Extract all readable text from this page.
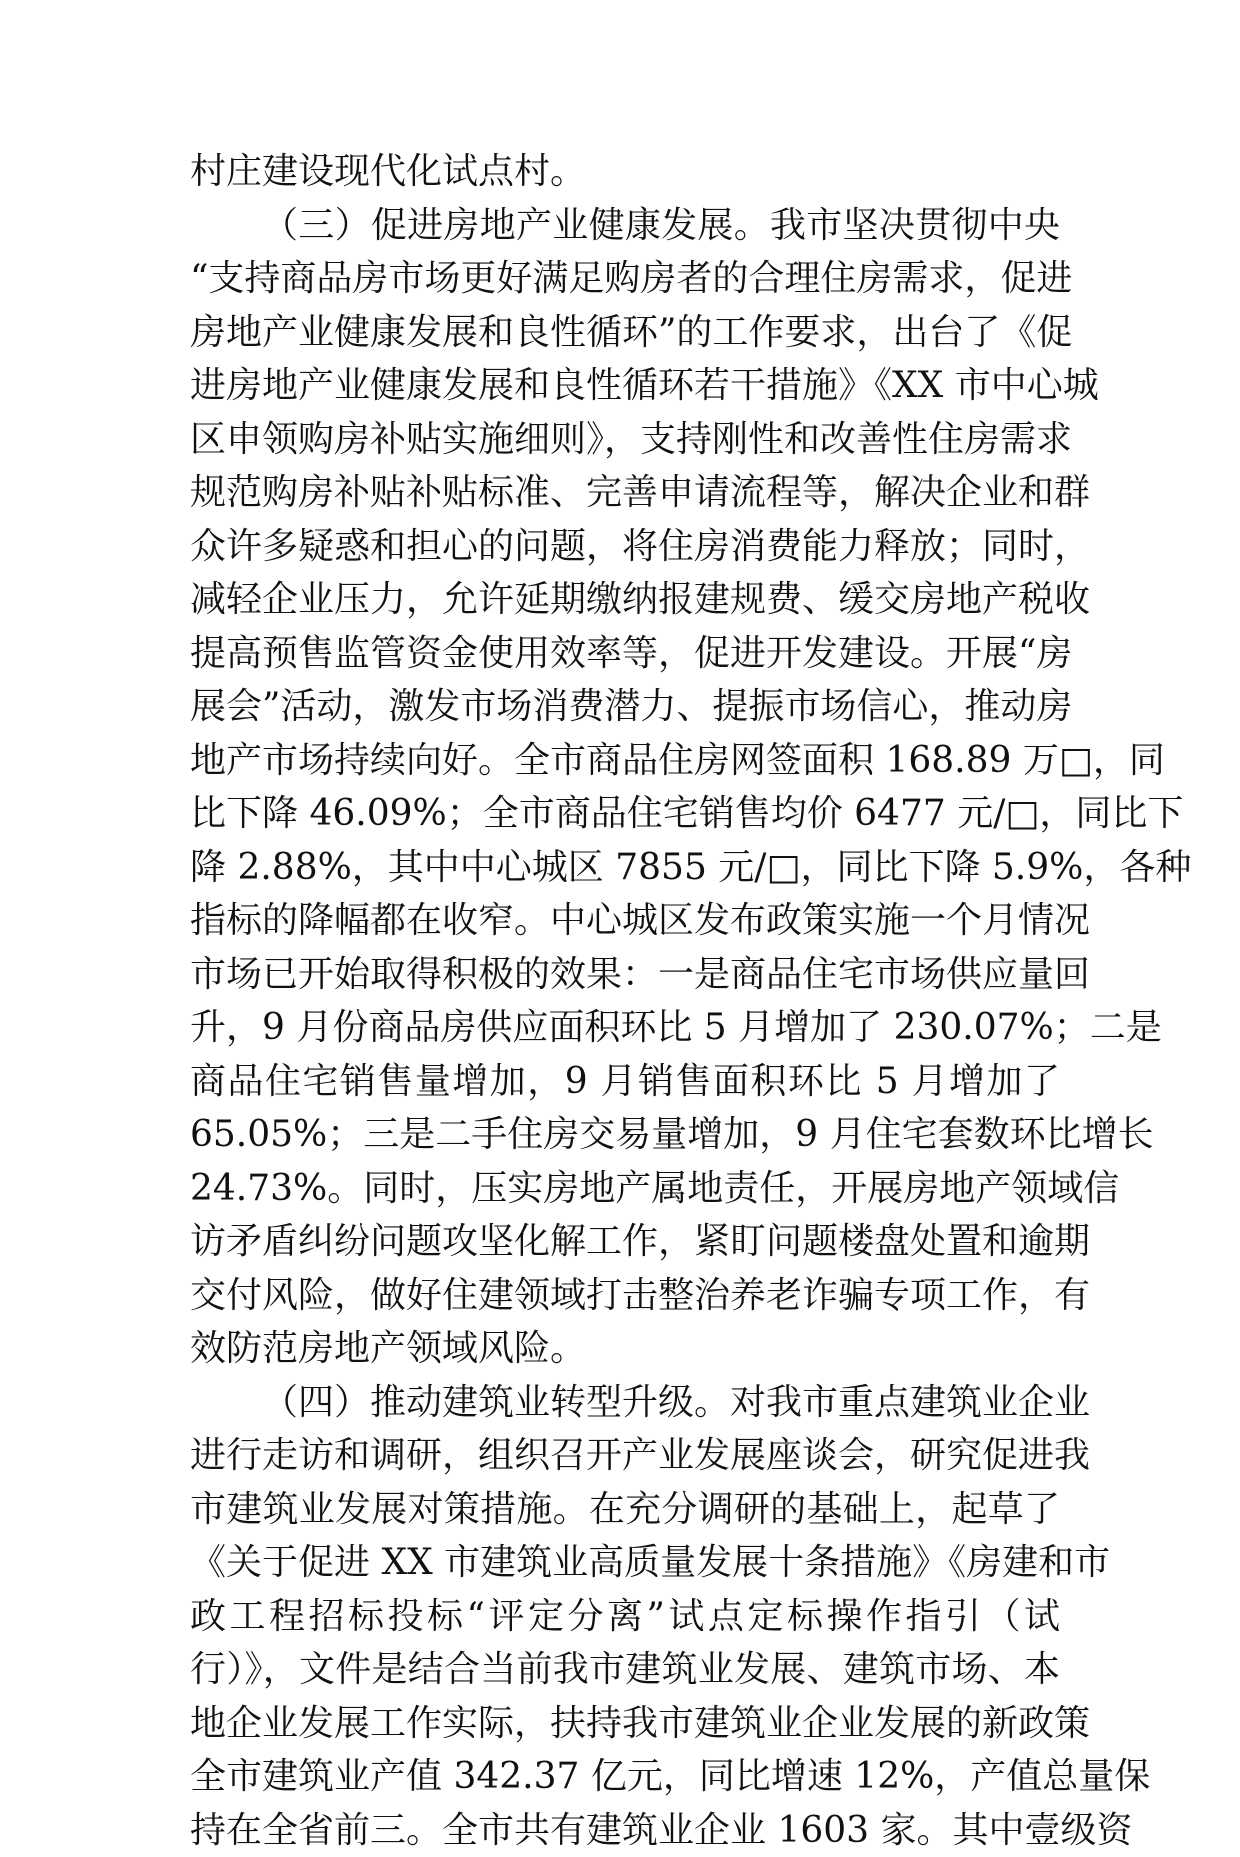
村庄建设现代化试点村。
（三）促进房地产业健康发展。我市坚决贯彻中央
“支持商品房市场更好满足购房者的合理住房需求，促进
房地产业健康发展和良性循环”的工作要求，出台了《促
进房地产业健康发展和良性循环若干措施》《XX 市中心城
区申领购房补贴实施细则》，支持刚性和改善性住房需求
规范购房补贴补贴标准、完善申请流程等，解决企业和群
众许多疑惑和担心的问题，将住房消费能力释放；同时，
减轻企业压力，允许延期缴纳报建规费、缓交房地产税收
提高预售监管资金使用效率等，促进开发建设。开展“房
展会”活动，激发市场消费潜力、提振市场信心，推动房
地产市场持续向好。全市商品住房网签面积 168.89 万□，同
比下降 46.09%；全市商品住宅销售均价 6477 元/□，同比下
降 2.88%，其中中心城区 7855 元/□，同比下降 5.9%，各种
指标的降幅都在收窄。中心城区发布政策实施一个月情况
市场已开始取得积极的效果：一是商品住宅市场供应量回
升，9 月份商品房供应面积环比 5 月增加了 230.07%；二是
商品住宅销售量增加，9 月销售面积环比 5 月增加了
65.05%；三是二手住房交易量增加，9 月住宅套数环比增长
24.73%。同时，压实房地产属地责任，开展房地产领域信
访矛盾纠纷问题攻坚化解工作，紧盯问题楼盘处置和逾期
交付风险，做好住建领域打击整治养老诈骗专项工作，有
效防范房地产领域风险。
（四）推动建筑业转型升级。对我市重点建筑业企业
进行走访和调研，组织召开产业发展座谈会，研究促进我
市建筑业发展对策措施。在充分调研的基础上，起草了
《关于促进 XX 市建筑业高质量发展十条措施》《房建和市
政工程招标投标“评定分离”试点定标操作指引（试
行）》，文件是结合当前我市建筑业发展、建筑市场、本
地企业发展工作实际，扶持我市建筑业企业发展的新政策
全市建筑业产值 342.37 亿元，同比增速 12%，产值总量保
持在全省前三。全市共有建筑业企业 1603 家。其中壹级资
